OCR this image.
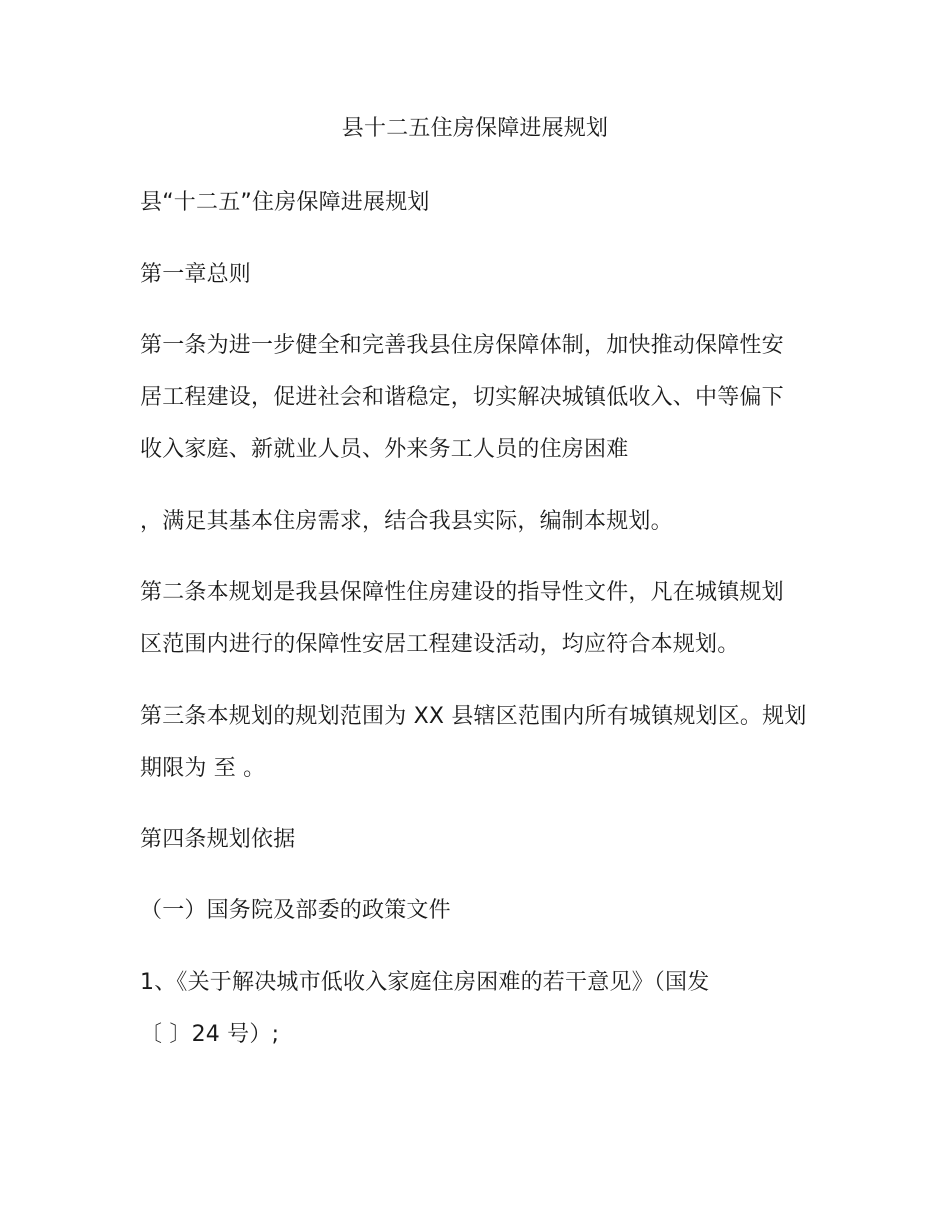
县十二五住房保障进展规划
县“十二五”住房保障进展规划
第一章总则
第一条为进一步健全和完善我县住房保障体制，加快推动保障性安
居工程建设，促进社会和谐稳定，切实解决城镇低收入、中等偏下
收入家庭、新就业人员、外来务工人员的住房困难
，满足其基本住房需求，结合我县实际，编制本规划。
第二条本规划是我县保障性住房建设的指导性文件，凡在城镇规划
区范围内进行的保障性安居工程建设活动，均应符合本规划。
第三条本规划的规划范围为 XX 县辖区范围内所有城镇规划区。规划
期限为 至 。
第四条规划依据
（一）国务院及部委的政策文件
1、《关于解决城市低收入家庭住房困难的若干意见》（国发
〔 〕24 号）;
